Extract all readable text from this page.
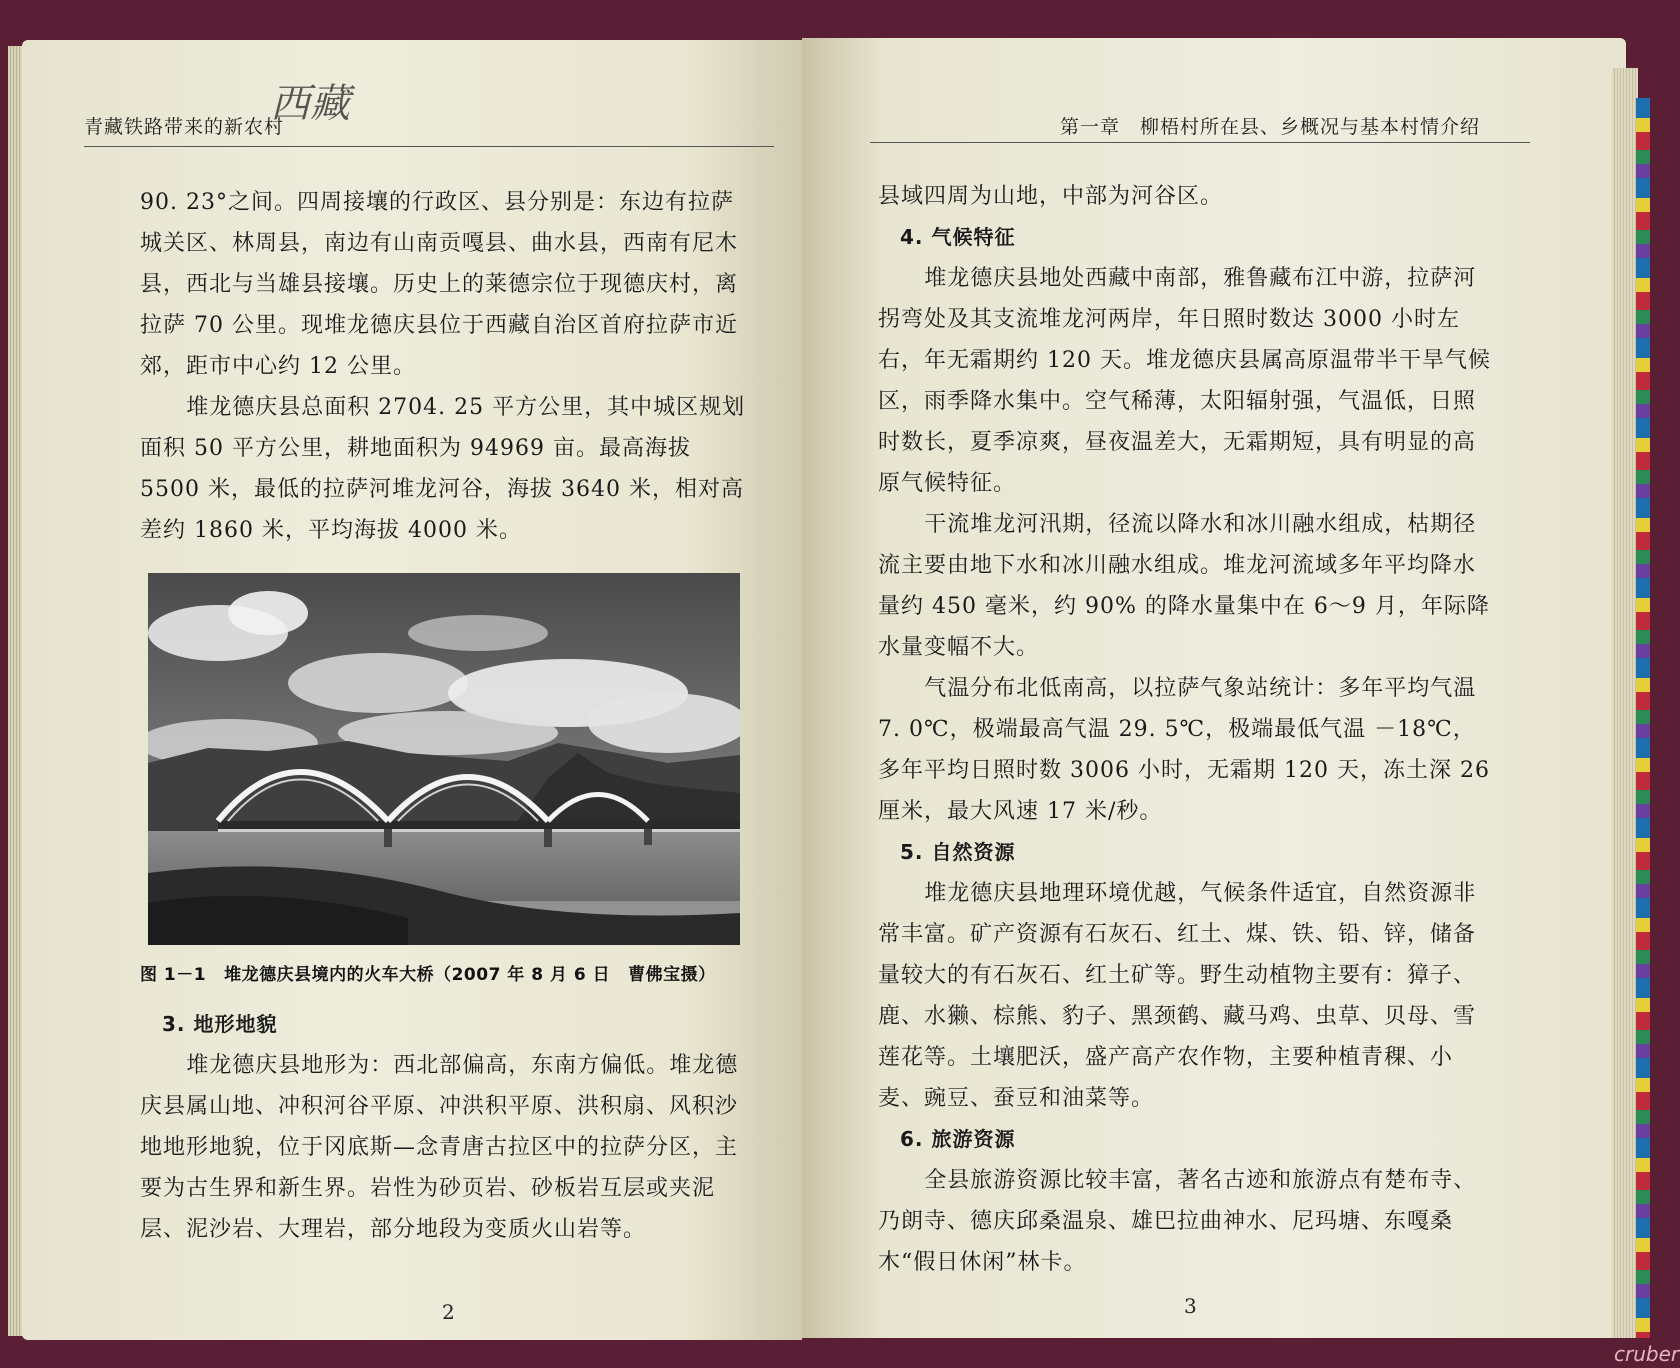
青藏铁路带来的新农村
西藏

90. 23°之间。四周接壤的行政区、县分别是：东边有拉萨城关区、林周县，南边有山南贡嘎县、曲水县，西南有尼木县，西北与当雄县接壤。历史上的莱德宗位于现德庆村，离拉萨 70 公里。现堆龙德庆县位于西藏自治区首府拉萨市近郊，距市中心约 12 公里。

堆龙德庆县总面积 2704. 25 平方公里，其中城区规划面积 50 平方公里，耕地面积为 94969 亩。最高海拔 5500 米，最低的拉萨河堆龙河谷，海拔 3640 米，相对高差约 1860 米，平均海拔 4000 米。

图 1－1 堆龙德庆县境内的火车大桥（2007 年 8 月 6 日 曹佛宝摄）

3. 地形地貌

堆龙德庆县地形为：西北部偏高，东南方偏低。堆龙德庆县属山地、冲积河谷平原、冲洪积平原、洪积扇、风积沙地地形地貌，位于冈底斯—念青唐古拉区中的拉萨分区，主要为古生界和新生界。岩性为砂页岩、砂板岩互层或夹泥层、泥沙岩、大理岩，部分地段为变质火山岩等。

2
第一章　柳梧村所在县、乡概况与基本村情介绍

县域四周为山地，中部为河谷区。

4. 气候特征

堆龙德庆县地处西藏中南部，雅鲁藏布江中游，拉萨河拐弯处及其支流堆龙河两岸，年日照时数达 3000 小时左右，年无霜期约 120 天。堆龙德庆县属高原温带半干旱气候区，雨季降水集中。空气稀薄，太阳辐射强，气温低，日照时数长，夏季凉爽，昼夜温差大，无霜期短，具有明显的高原气候特征。

干流堆龙河汛期，径流以降水和冰川融水组成，枯期径流主要由地下水和冰川融水组成。堆龙河流域多年平均降水量约 450 毫米，约 90% 的降水量集中在 6～9 月，年际降水量变幅不大。

气温分布北低南高，以拉萨气象站统计：多年平均气温 7. 0℃，极端最高气温 29. 5℃，极端最低气温 －18℃，多年平均日照时数 3006 小时，无霜期 120 天，冻土深 26 厘米，最大风速 17 米/秒。

5. 自然资源

堆龙德庆县地理环境优越，气候条件适宜，自然资源非常丰富。矿产资源有石灰石、红土、煤、铁、铅、锌，储备量较大的有石灰石、红土矿等。野生动植物主要有：獐子、鹿、水獭、棕熊、豹子、黑颈鹤、藏马鸡、虫草、贝母、雪莲花等。土壤肥沃，盛产高产农作物，主要种植青稞、小麦、豌豆、蚕豆和油菜等。

6. 旅游资源

全县旅游资源比较丰富，著名古迹和旅游点有楚布寺、乃朗寺、德庆邱桑温泉、雄巴拉曲神水、尼玛塘、东嘎桑木“假日休闲”林卡。

3
cruber
